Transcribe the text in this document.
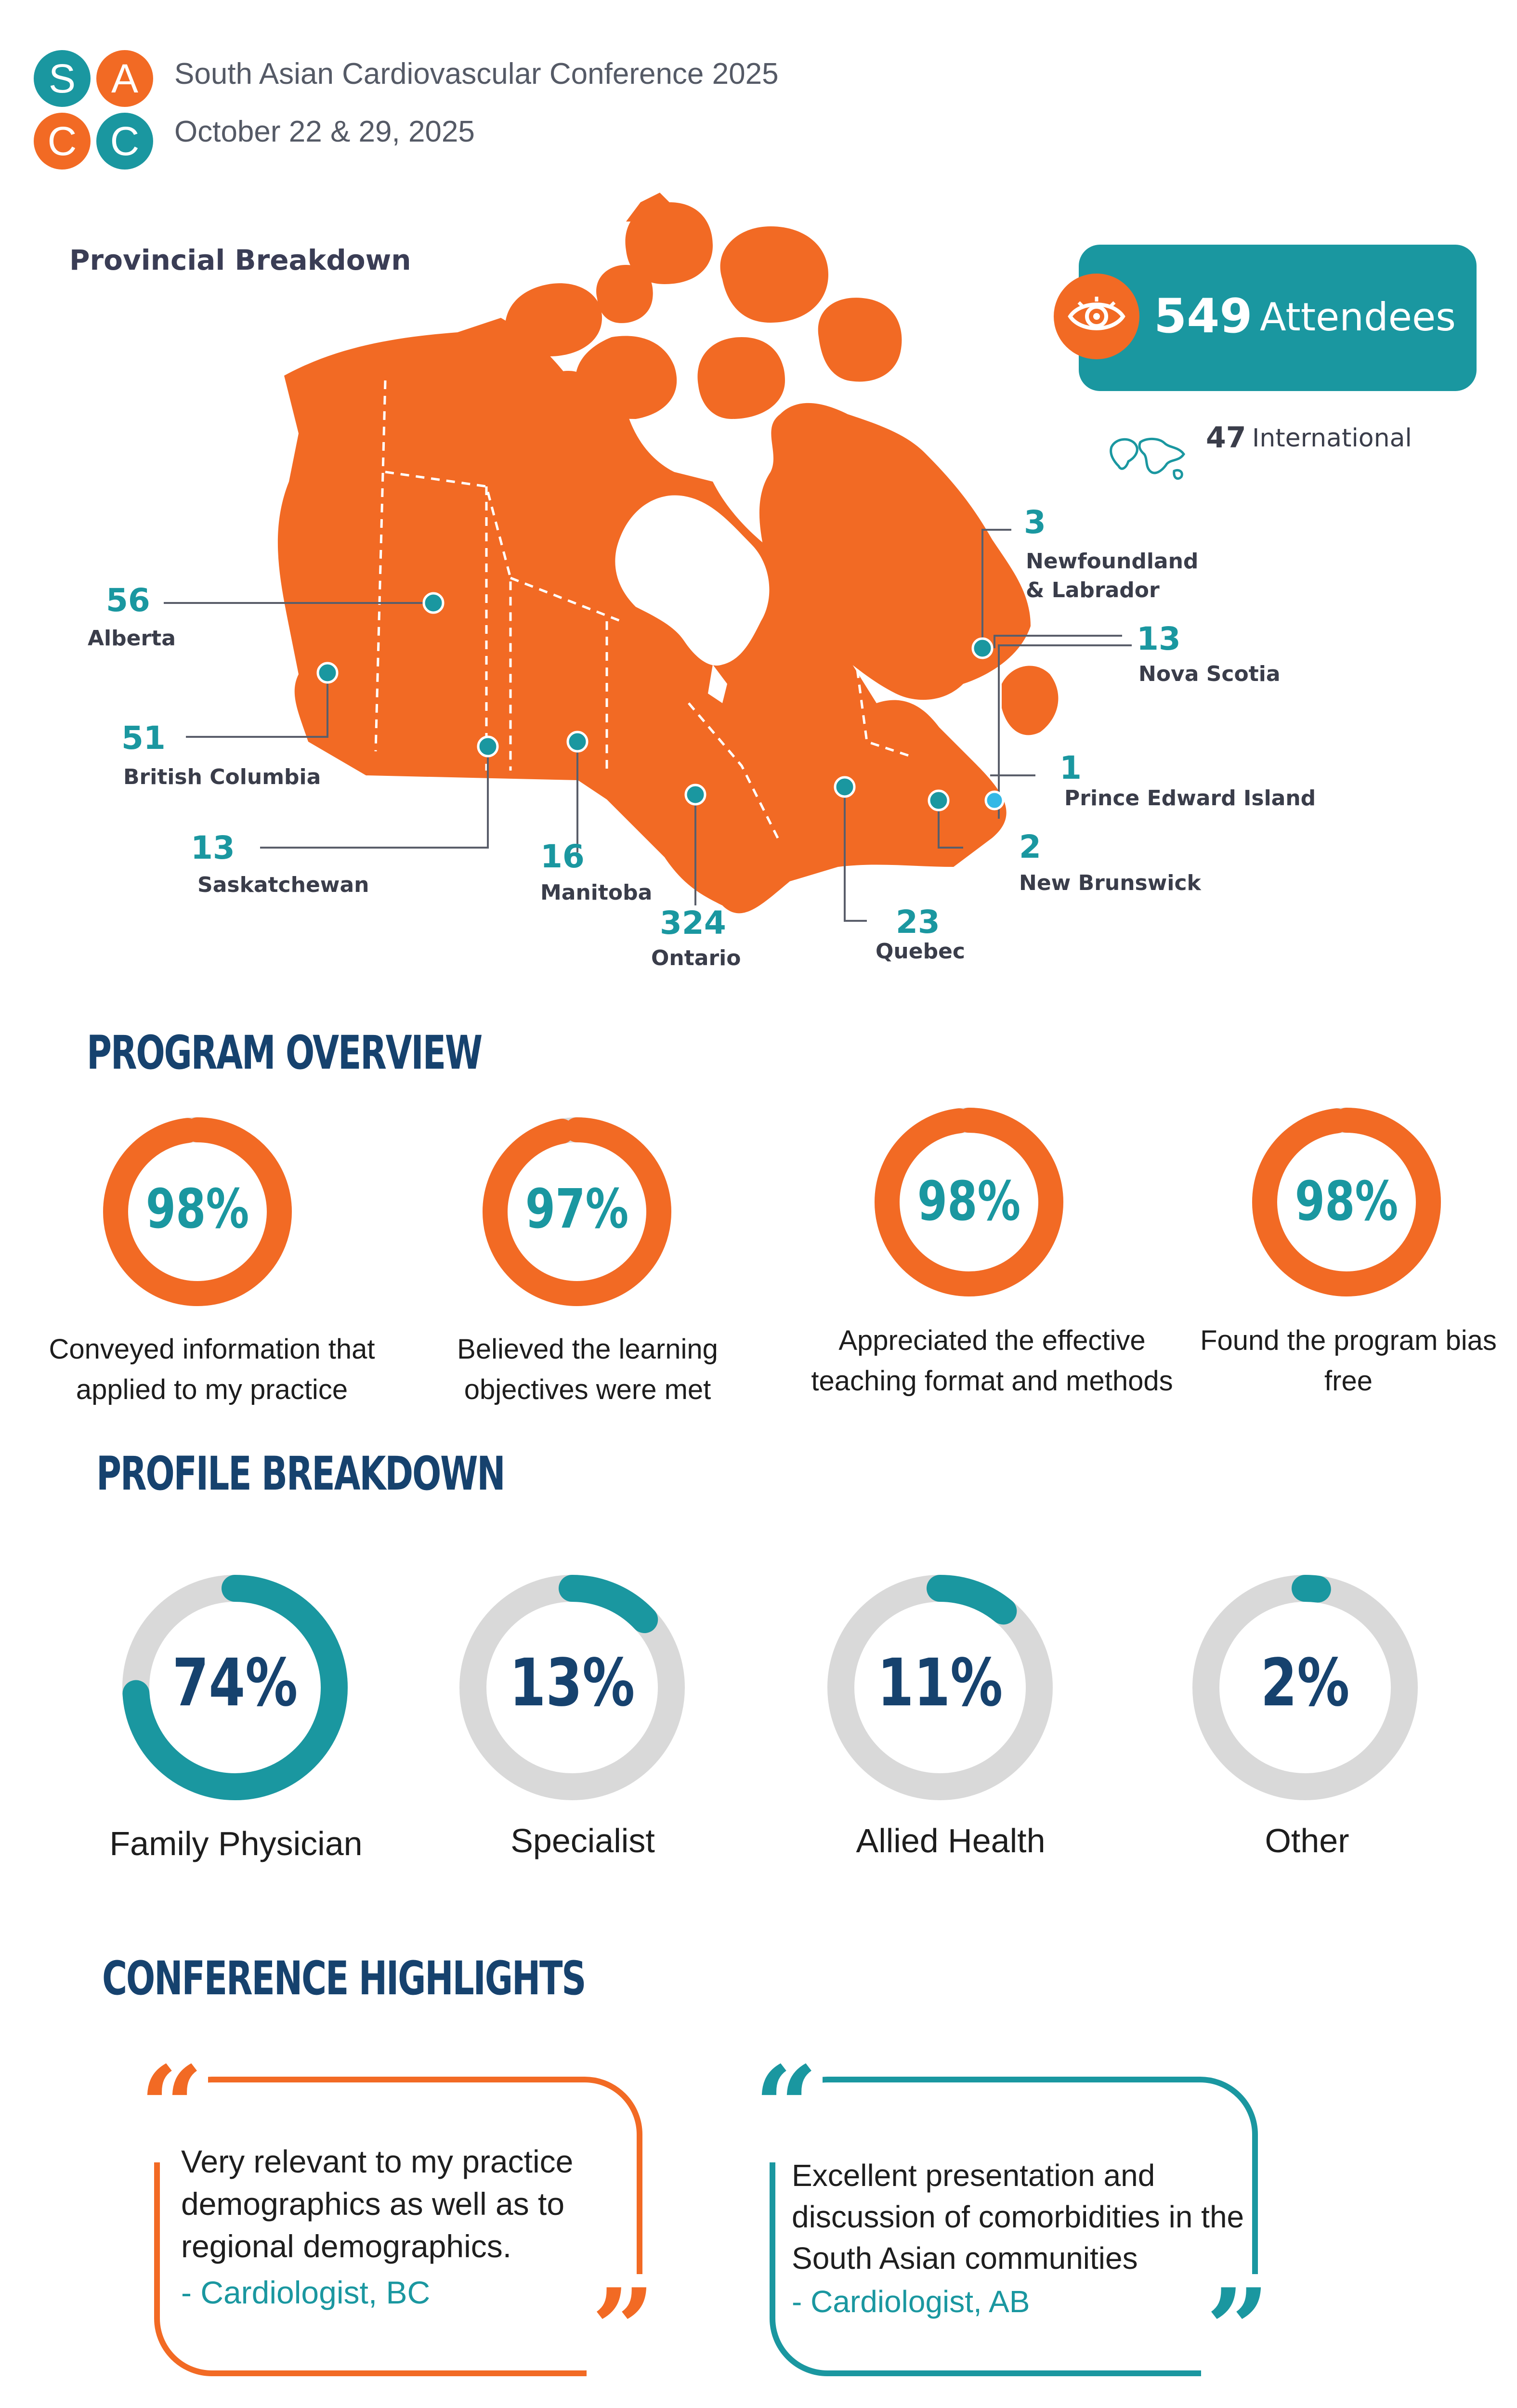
S A
C C
South Asian Cardiovascular Conference 2025
October 22 & 29, 2025
Provincial Breakdown
56
Alberta
51
British Columbia
13
Saskatchewan
16
Manitoba
324
Ontario
23
Quebec
2
New Brunswick
1
Prince Edward Island
13
Nova Scotia
3
Newfoundland
& Labrador
549 Attendees
47 International
PROGRAM OVERVIEW
98%	97%	98%	98%
Conveyed information that applied to my practice
Believed the learning objectives were met
Appreciated the effective teaching format and methods
Found the program bias free
PROFILE BREAKDOWN
74%	13%	11%	2%
Family Physician	Specialist	Allied Health	Other
CONFERENCE HIGHLIGHTS
“
”
Very relevant to my practice demographics as well as to regional demographics.
- Cardiologist, BC
“
”
Excellent presentation and discussion of comorbidities in the South Asian communities
- Cardiologist, AB
